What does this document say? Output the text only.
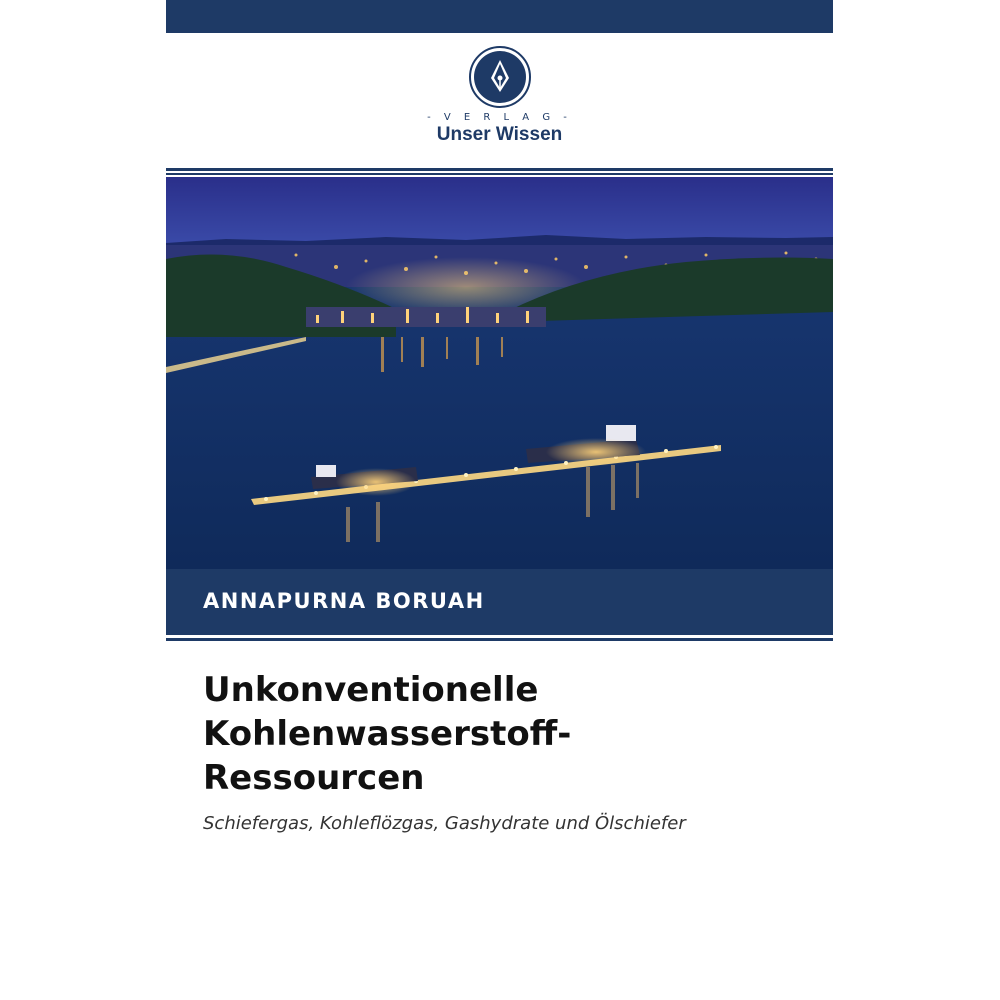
- V E R L A G -
Unser Wissen
ANNAPURNA BORUAH
Unkonventionelle
Kohlenwasserstoff-
Ressourcen
Schiefergas, Kohleflözgas, Gashydrate und Ölschiefer
